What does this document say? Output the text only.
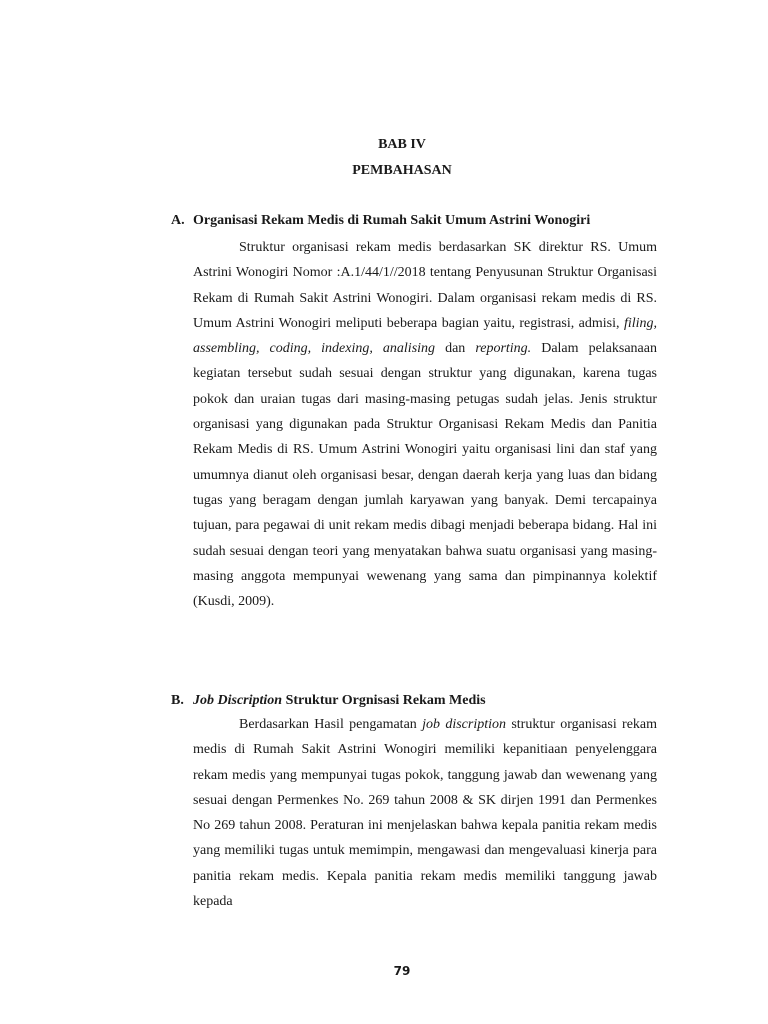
BAB IV
PEMBAHASAN
A. Organisasi Rekam Medis di Rumah Sakit Umum Astrini Wonogiri

Struktur organisasi rekam medis berdasarkan SK direktur RS. Umum Astrini Wonogiri Nomor :A.1/44/1//2018 tentang Penyusunan Struktur Organisasi Rekam di Rumah Sakit Astrini Wonogiri. Dalam organisasi rekam medis di RS. Umum Astrini Wonogiri meliputi beberapa bagian yaitu, registrasi, admisi, filing, assembling, coding, indexing, analising dan reporting. Dalam pelaksanaan kegiatan tersebut sudah sesuai dengan struktur yang digunakan, karena tugas pokok dan uraian tugas dari masing-masing petugas sudah jelas. Jenis struktur organisasi yang digunakan pada Struktur Organisasi Rekam Medis dan Panitia Rekam Medis di RS. Umum Astrini Wonogiri yaitu organisasi lini dan staf yang umumnya dianut oleh organisasi besar, dengan daerah kerja yang luas dan bidang tugas yang beragam dengan jumlah karyawan yang banyak. Demi tercapainya tujuan, para pegawai di unit rekam medis dibagi menjadi beberapa bidang. Hal ini sudah sesuai dengan teori yang menyatakan bahwa suatu organisasi yang masing-masing anggota mempunyai wewenang yang sama dan pimpinannya kolektif (Kusdi, 2009).

B. Job Discription Struktur Orgnisasi Rekam Medis

Berdasarkan Hasil pengamatan job discription struktur organisasi rekam medis di Rumah Sakit Astrini Wonogiri memiliki kepanitiaan penyelenggara rekam medis yang mempunyai tugas pokok, tanggung jawab dan wewenang yang sesuai dengan Permenkes No. 269 tahun 2008 & SK dirjen 1991 dan Permenkes No 269 tahun 2008. Peraturan ini menjelaskan bahwa kepala panitia rekam medis yang memiliki tugas untuk memimpin, mengawasi dan mengevaluasi kinerja para panitia rekam medis. Kepala panitia rekam medis memiliki tanggung jawab kepada

79
